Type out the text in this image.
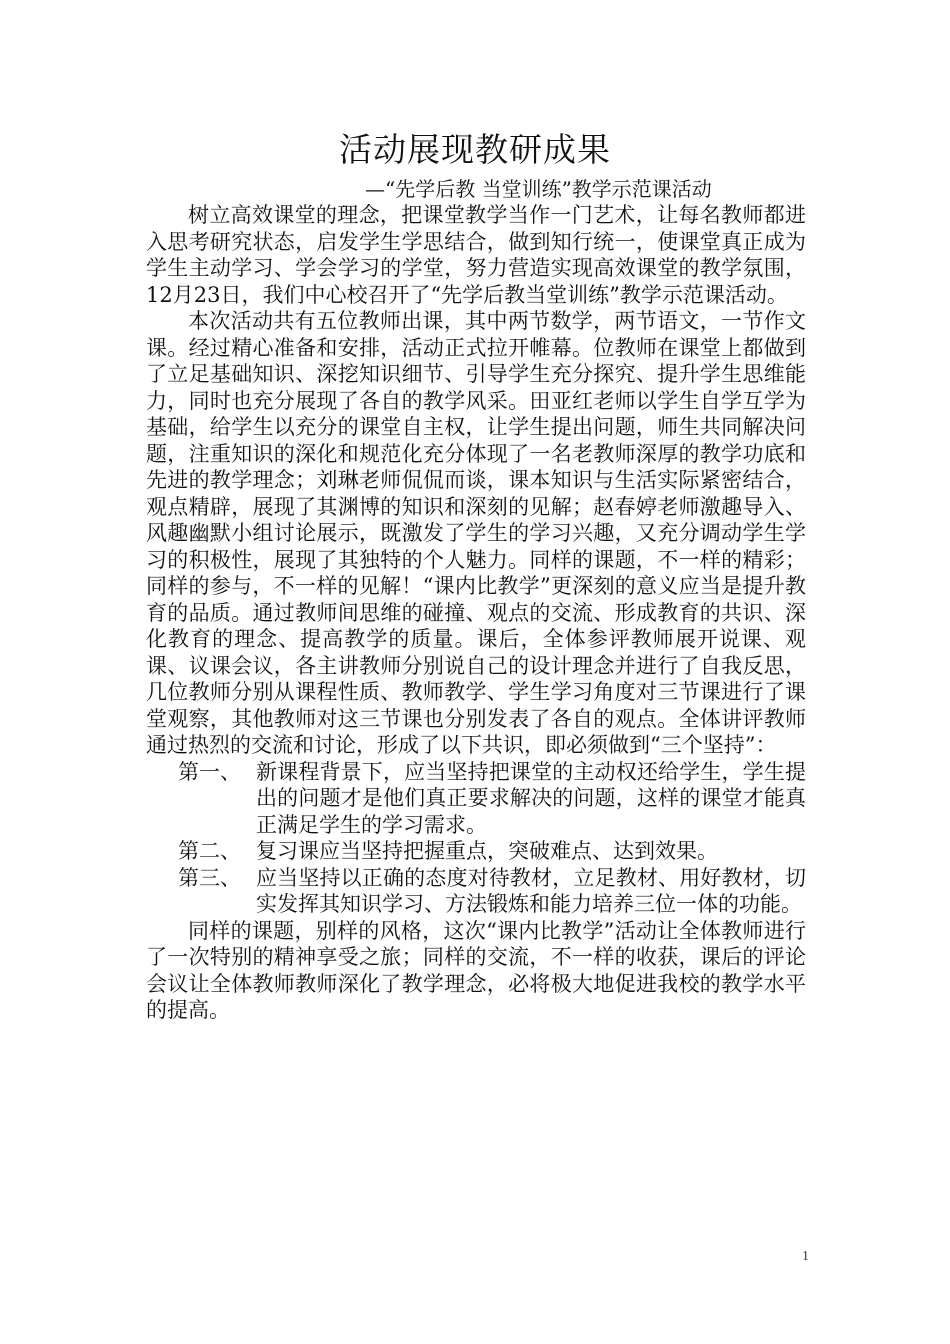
活动展现教研成果

—“先学后教 当堂训练”教学示范课活动

树立高效课堂的理念，把课堂教学当作一门艺术，让每名教师都进入思考研究状态，启发学生学思结合，做到知行统一，使课堂真正成为学生主动学习、学会学习的学堂，努力营造实现高效课堂的教学氛围， 12月23日，我们中心校召开了“先学后教当堂训练”教学示范课活动。

本次活动共有五位教师出课，其中两节数学，两节语文，一节作文课。经过精心准备和安排，活动正式拉开帷幕。位教师在课堂上都做到了立足基础知识、深挖知识细节、引导学生充分探究、提升学生思维能力，同时也充分展现了各自的教学风采。田亚红老师以学生自学互学为基础，给学生以充分的课堂自主权，让学生提出问题，师生共同解决问题，注重知识的深化和规范化充分体现了一名老教师深厚的教学功底和先进的教学理念；刘琳老师侃侃而谈，课本知识与生活实际紧密结合，观点精辟，展现了其渊博的知识和深刻的见解；赵春婷老师激趣导入、风趣幽默小组讨论展示，既激发了学生的学习兴趣，又充分调动学生学习的积极性，展现了其独特的个人魅力。同样的课题，不一样的精彩；同样的参与，不一样的见解！“课内比教学”更深刻的意义应当是提升教育的品质。通过教师间思维的碰撞、观点的交流、形成教育的共识、深化教育的理念、提高教学的质量。课后，全体参评教师展开说课、观课、议课会议，各主讲教师分别说自己的设计理念并进行了自我反思，几位教师分别从课程性质、教师教学、学生学习角度对三节课进行了课堂观察，其他教师对这三节课也分别发表了各自的观点。全体讲评教师通过热烈的交流和讨论，形成了以下共识，即必须做到“三个坚持”：

第一、 新课程背景下，应当坚持把课堂的主动权还给学生，学生提出的问题才是他们真正要求解决的问题，这样的课堂才能真正满足学生的学习需求。
第二、 复习课应当坚持把握重点，突破难点、达到效果。
第三、 应当坚持以正确的态度对待教材，立足教材、用好教材，切实发挥其知识学习、方法锻炼和能力培养三位一体的功能。

同样的课题，别样的风格，这次“课内比教学”活动让全体教师进行了一次特别的精神享受之旅；同样的交流，不一样的收获，课后的评论会议让全体教师教师深化了教学理念，必将极大地促进我校的教学水平的提高。

1
